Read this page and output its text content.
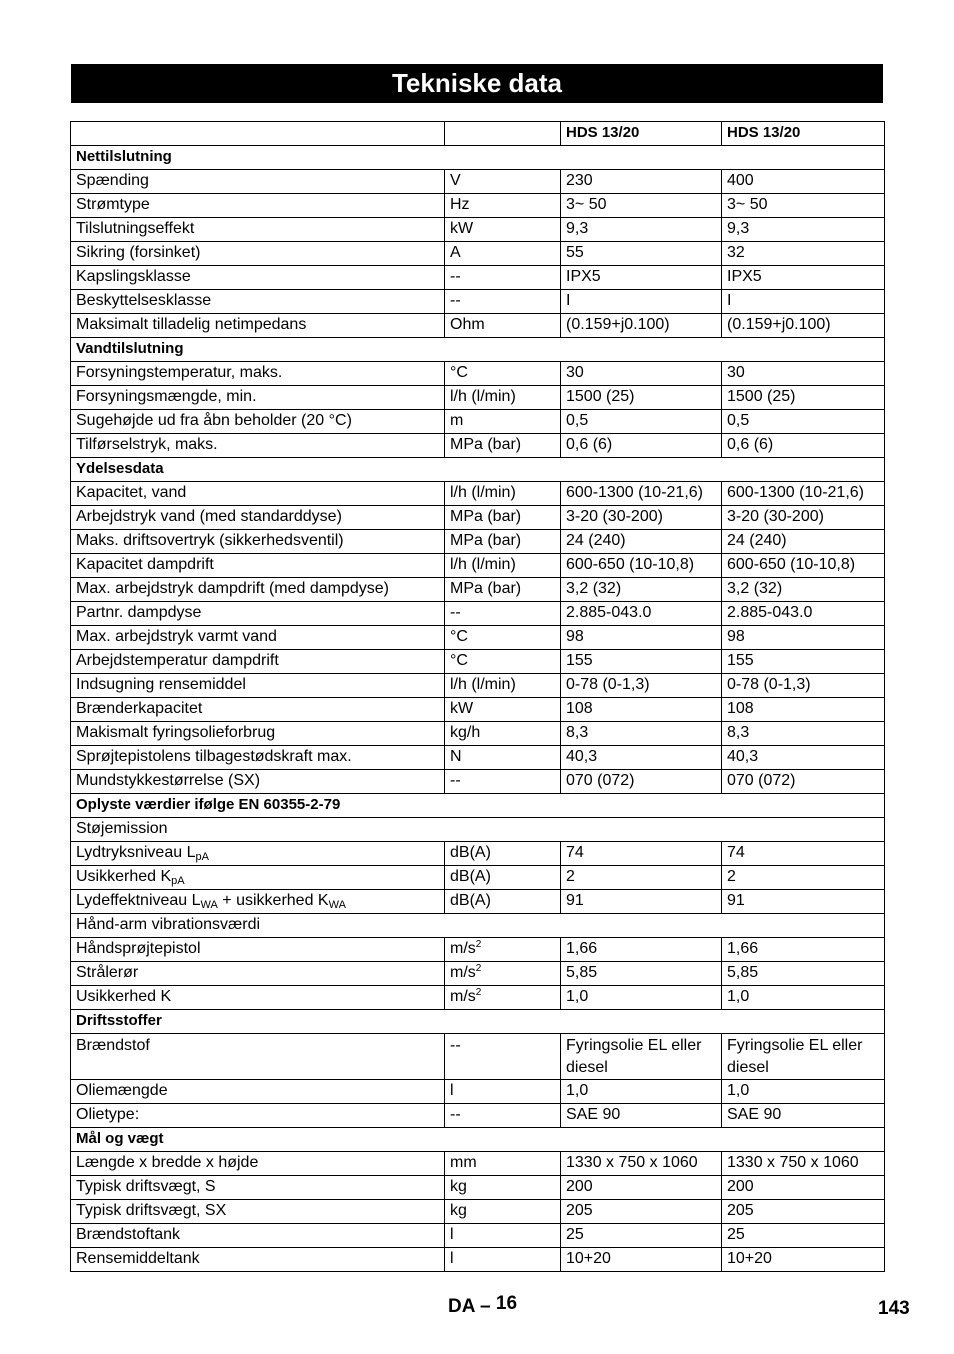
Tekniske data
		HDS 13/20	HDS 13/20
Nettilslutning			
Spænding	V	230	400
Strømtype	Hz	3~ 50	3~ 50
Tilslutningseffekt	kW	9,3	9,3
Sikring (forsinket)	A	55	32
Kapslingsklasse	--	IPX5	IPX5
Beskyttelsesklasse	--	I	I
Maksimalt tilladelig netimpedans	Ohm	(0.159+j0.100)	(0.159+j0.100)
Vandtilslutning			
Forsyningstemperatur, maks.	°C	30	30
Forsyningsmængde, min.	l/h (l/min)	1500 (25)	1500 (25)
Sugehøjde ud fra åbn beholder (20 °C)	m	0,5	0,5
Tilførselstryk, maks.	MPa (bar)	0,6 (6)	0,6 (6)
Ydelsesdata			
Kapacitet, vand	l/h (l/min)	600-1300 (10-21,6)	600-1300 (10-21,6)
Arbejdstryk vand (med standarddyse)	MPa (bar)	3-20 (30-200)	3-20 (30-200)
Maks. driftsovertryk (sikkerhedsventil)	MPa (bar)	24 (240)	24 (240)
Kapacitet dampdrift	l/h (l/min)	600-650 (10-10,8)	600-650 (10-10,8)
Max. arbejdstryk dampdrift (med dampdyse)	MPa (bar)	3,2 (32)	3,2 (32)
Partnr. dampdyse	--	2.885-043.0	2.885-043.0
Max. arbejdstryk varmt vand	°C	98	98
Arbejdstemperatur dampdrift	°C	155	155
Indsugning rensemiddel	l/h (l/min)	0-78 (0-1,3)	0-78 (0-1,3)
Brænderkapacitet	kW	108	108
Makismalt fyringsolieforbrug	kg/h	8,3	8,3
Sprøjtepistolens tilbagestødskraft max.	N	40,3	40,3
Mundstykkestørrelse (SX)	--	070 (072)	070 (072)
Oplyste værdier ifølge EN 60355-2-79			
Støjemission			
Lydtryksniveau $L_{pA}$	dB(A)	74	74
Usikkerhed $K_{pA}$	dB(A)	2	2
Lydeffektniveau $L_{WA}$ + usikkerhed $K_{WA}$	dB(A)	91	91
Hånd-arm vibrationsværdi			
Håndsprøjtepistol	$m/s^2$	1,66	1,66
Strålerør	$m/s^2$	5,85	5,85
Usikkerhed K	$m/s^2$	1,0	1,0
Driftsstoffer			
Brændstof	--	Fyringsolie EL eller diesel	Fyringsolie EL eller diesel
Oliemængde	l	1,0	1,0
Olietype:	--	SAE 90	SAE 90
Mål og vægt			
Længde x bredde x højde	mm	1330 x 750 x 1060	1330 x 750 x 1060
Typisk driftsvægt, S	kg	200	200
Typisk driftsvægt, SX	kg	205	205
Brændstoftank	l	25	25
Rensemiddeltank	l	10+20	10+20
DA – 16	143
